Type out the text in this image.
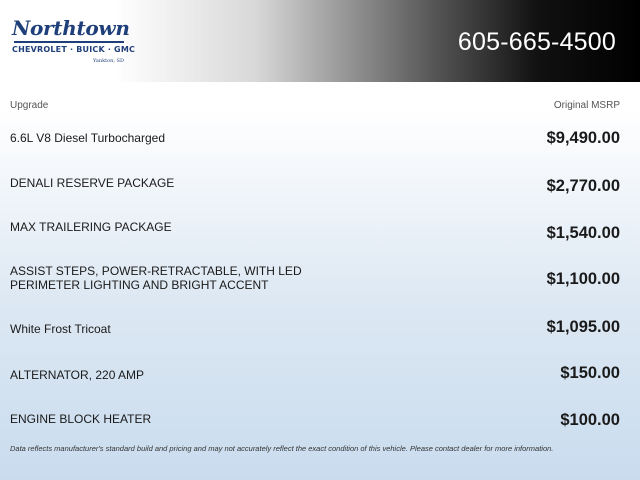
Northtown
CHEVROLET · BUICK · GMC
Yankton, SD
605-665-4500
Upgrade	Original MSRP
6.6L V8 Diesel Turbocharged	$9,490.00
DENALI RESERVE PACKAGE	$2,770.00
MAX TRAILERING PACKAGE	$1,540.00
ASSIST STEPS, POWER-RETRACTABLE, WITH LED PERIMETER LIGHTING AND BRIGHT ACCENT	$1,100.00
White Frost Tricoat	$1,095.00
ALTERNATOR, 220 AMP	$150.00
ENGINE BLOCK HEATER	$100.00
Data reflects manufacturer's standard build and pricing and may not accurately reflect the exact condition of this vehicle. Please contact dealer for more information.
